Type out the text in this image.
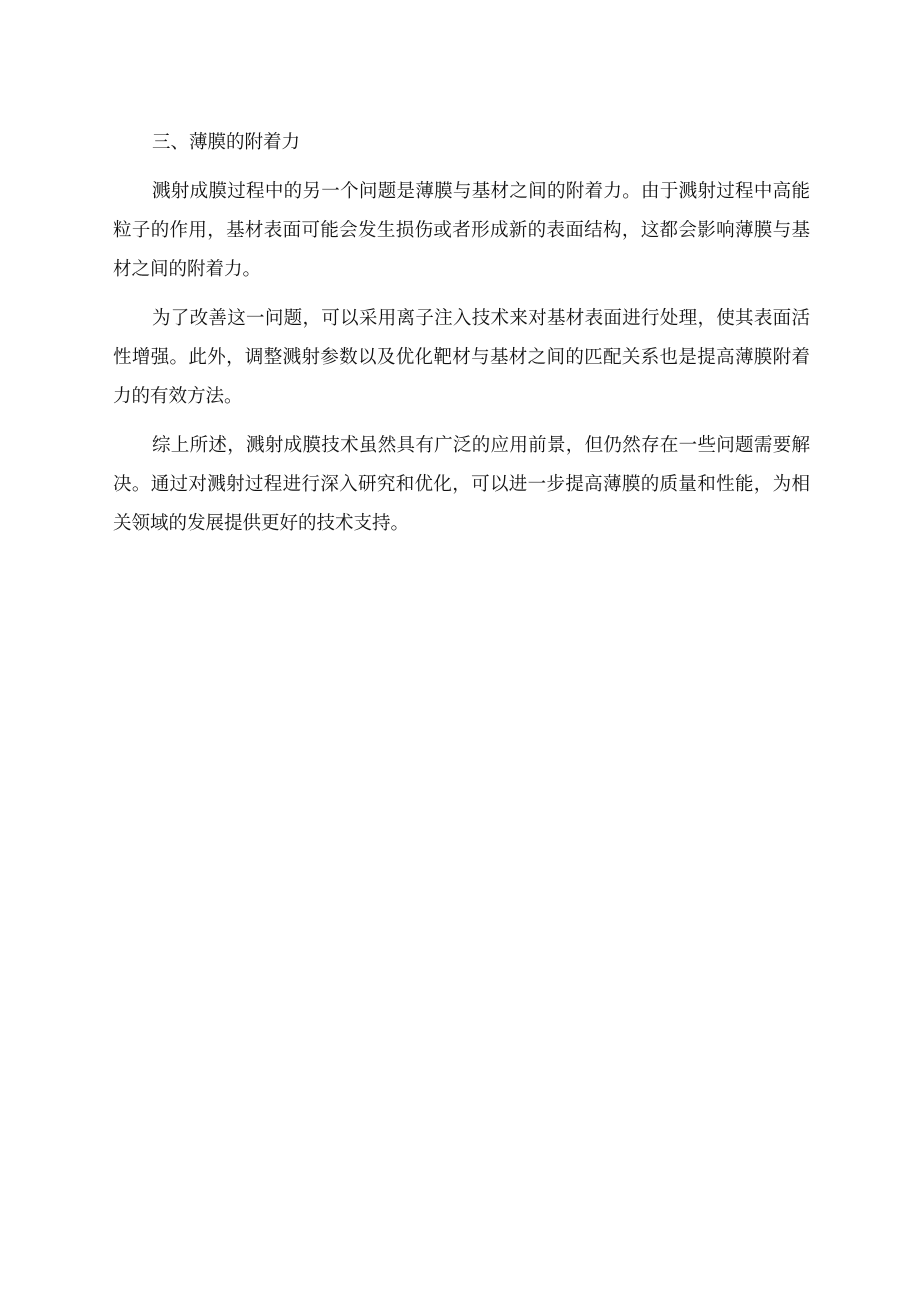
三、薄膜的附着力

溅射成膜过程中的另一个问题是薄膜与基材之间的附着力。由于溅射过程中高能粒子的作用，基材表面可能会发生损伤或者形成新的表面结构，这都会影响薄膜与基材之间的附着力。

为了改善这一问题，可以采用离子注入技术来对基材表面进行处理，使其表面活性增强。此外，调整溅射参数以及优化靶材与基材之间的匹配关系也是提高薄膜附着力的有效方法。

综上所述，溅射成膜技术虽然具有广泛的应用前景，但仍然存在一些问题需要解决。通过对溅射过程进行深入研究和优化，可以进一步提高薄膜的质量和性能，为相关领域的发展提供更好的技术支持。
